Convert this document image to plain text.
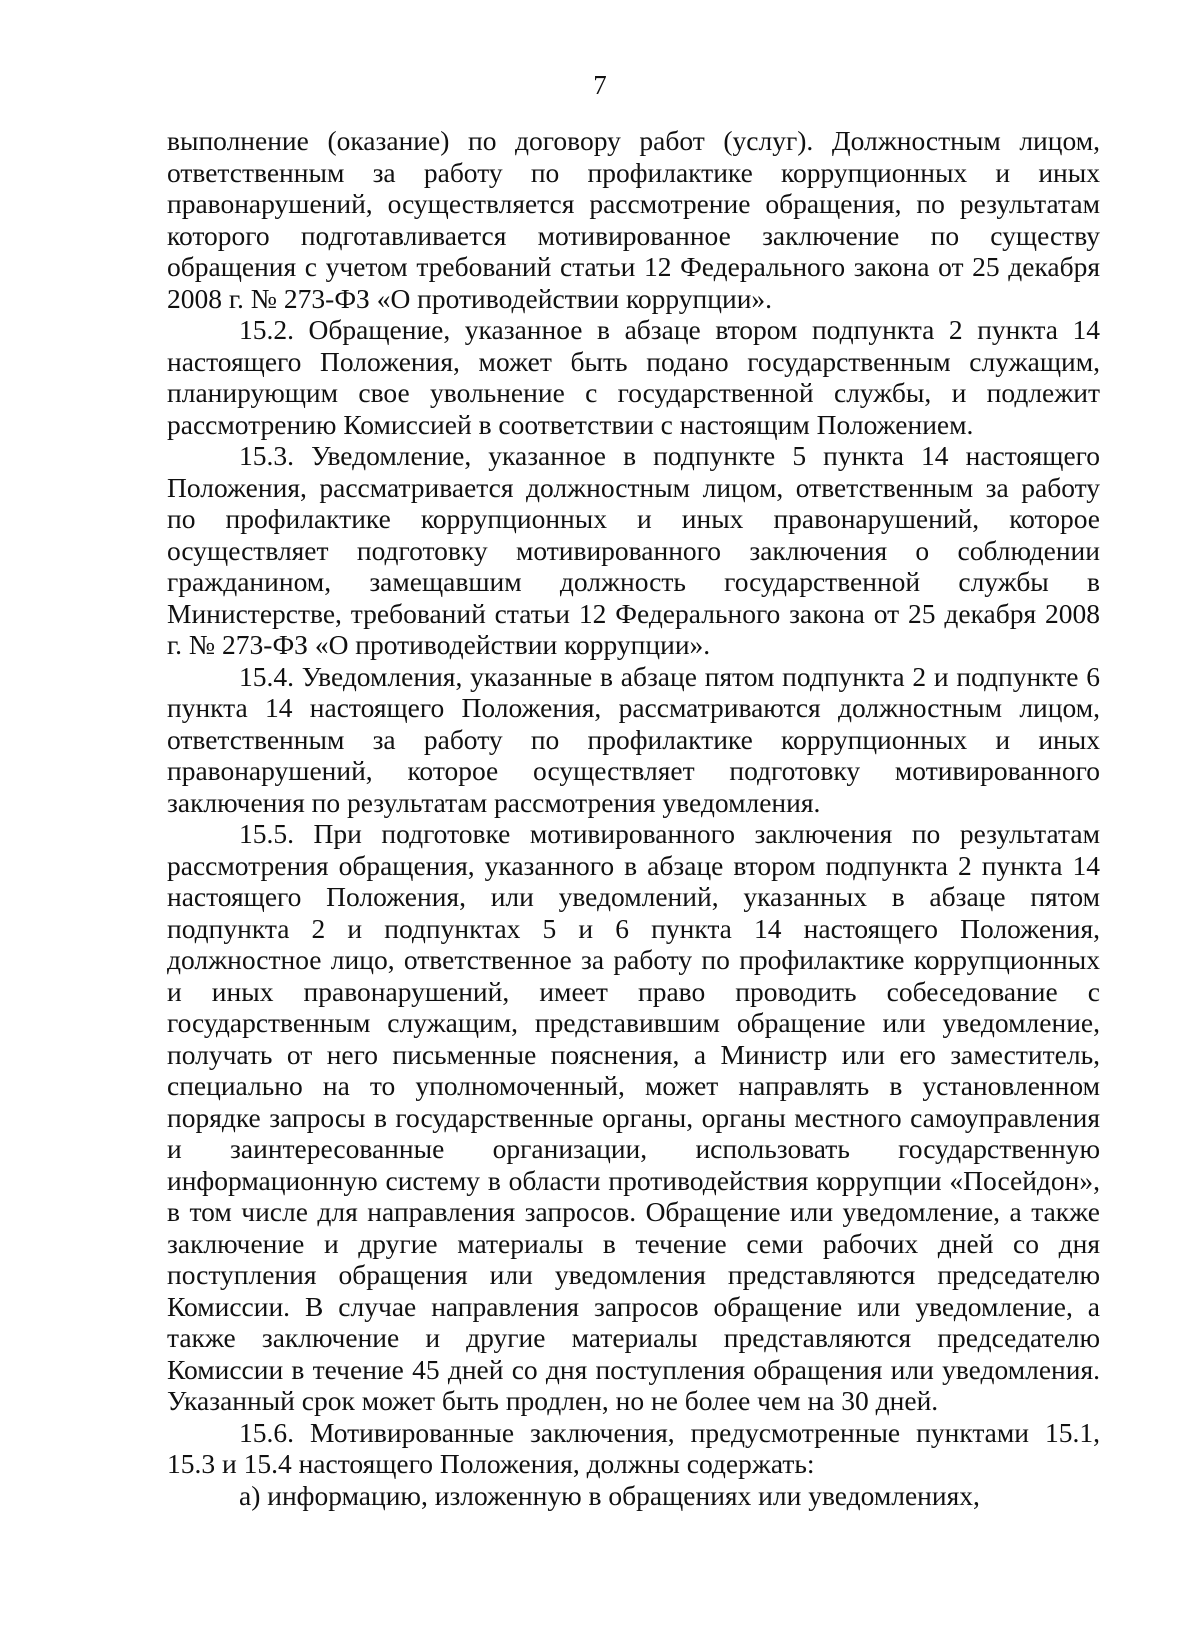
7

выполнение (оказание) по договору работ (услуг). Должностным лицом, ответственным за работу по профилактике коррупционных и иных правонарушений, осуществляется рассмотрение обращения, по результатам которого подготавливается мотивированное заключение по существу обращения с учетом требований статьи 12 Федерального закона от 25 декабря 2008 г. № 273-ФЗ «О противодействии коррупции».

15.2. Обращение, указанное в абзаце втором подпункта 2 пункта 14 настоящего Положения, может быть подано государственным служащим, планирующим свое увольнение с государственной службы, и подлежит рассмотрению Комиссией в соответствии с настоящим Положением.

15.3. Уведомление, указанное в подпункте 5 пункта 14 настоящего Положения, рассматривается должностным лицом, ответственным за работу по профилактике коррупционных и иных правонарушений, которое осуществляет подготовку мотивированного заключения о соблюдении гражданином, замещавшим должность государственной службы в Министерстве, требований статьи 12 Федерального закона от 25 декабря 2008 г. № 273-ФЗ «О противодействии коррупции».

15.4. Уведомления, указанные в абзаце пятом подпункта 2 и подпункте 6 пункта 14 настоящего Положения, рассматриваются должностным лицом, ответственным за работу по профилактике коррупционных и иных правонарушений, которое осуществляет подготовку мотивированного заключения по результатам рассмотрения уведомления.

15.5. При подготовке мотивированного заключения по результатам рассмотрения обращения, указанного в абзаце втором подпункта 2 пункта 14 настоящего Положения, или уведомлений, указанных в абзаце пятом подпункта 2 и подпунктах 5 и 6 пункта 14 настоящего Положения, должностное лицо, ответственное за работу по профилактике коррупционных и иных правонарушений, имеет право проводить собеседование с государственным служащим, представившим обращение или уведомление, получать от него письменные пояснения, а Министр или его заместитель, специально на то уполномоченный, может направлять в установленном порядке запросы в государственные органы, органы местного самоуправления и заинтересованные организации, использовать государственную информационную систему в области противодействия коррупции «Посейдон», в том числе для направления запросов. Обращение или уведомление, а также заключение и другие материалы в течение семи рабочих дней со дня поступления обращения или уведомления представляются председателю Комиссии. В случае направления запросов обращение или уведомление, а также заключение и другие материалы представляются председателю Комиссии в течение 45 дней со дня поступления обращения или уведомления. Указанный срок может быть продлен, но не более чем на 30 дней.

15.6. Мотивированные заключения, предусмотренные пунктами 15.1, 15.3 и 15.4 настоящего Положения, должны содержать:

а) информацию, изложенную в обращениях или уведомлениях,
